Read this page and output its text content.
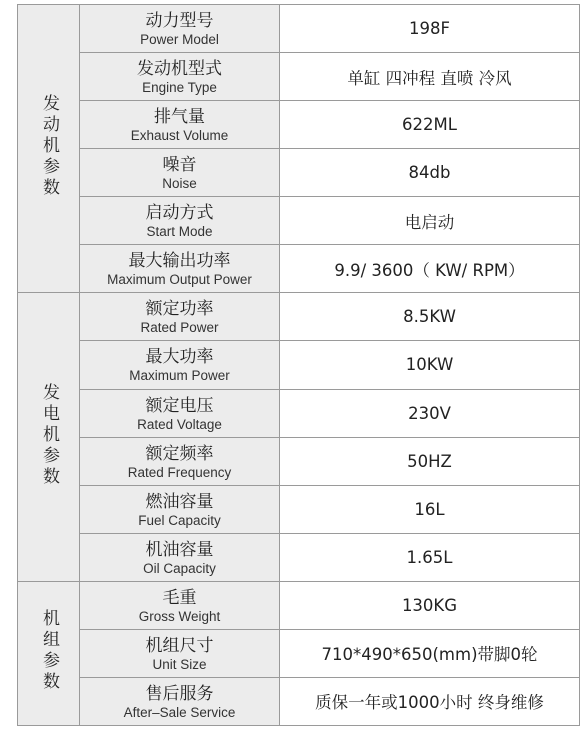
发动机参数	动力型号
Power Model	198F

	发动机型式
Engine Type	单缸 四冲程 直喷 冷风

	排气量
Exhaust Volume	622ML

	噪音
Noise	84db

	启动方式
Start Mode	电启动

	最大输出功率
Maximum Output Power	9.9/ 3600（ KW/ RPM）
发电机参数	额定功率
Rated Power	8.5KW

	最大功率
Maximum Power	10KW

	额定电压
Rated Voltage	230V

	额定频率
Rated Frequency	50HZ

	燃油容量
Fuel Capacity	16L

	机油容量
Oil Capacity	1.65L
机组参数	毛重
Gross Weight	130KG

	机组尺寸
Unit Size	710*490*650(mm)带脚0轮

	售后服务
After–Sale Service	质保一年或1000小时 终身维修
